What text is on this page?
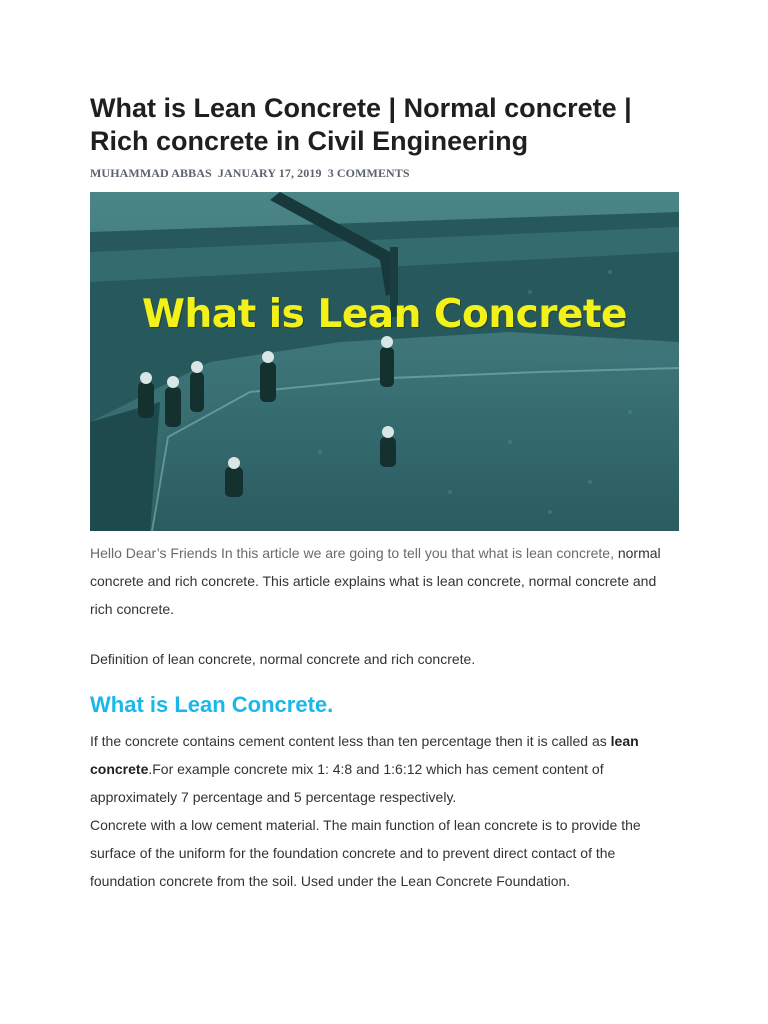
What is Lean Concrete | Normal concrete | Rich concrete in Civil Engineering
MUHAMMAD ABBAS JANUARY 17, 2019 3 COMMENTS
What is Lean Concrete
Hello Dear’s Friends In this article we are going to tell you that what is lean concrete, normal concrete and rich concrete. This article explains what is lean concrete, normal concrete and rich concrete.
Definition of lean concrete, normal concrete and rich concrete.
What is Lean Concrete.

If the concrete contains cement content less than ten percentage then it is called as lean concrete.For example concrete mix 1: 4:8 and 1:6:12 which has cement content of approximately 7 percentage and 5 percentage respectively.

Concrete with a low cement material. The main function of lean concrete is to provide the surface of the uniform for the foundation concrete and to prevent direct contact of the foundation concrete from the soil. Used under the Lean Concrete Foundation.
